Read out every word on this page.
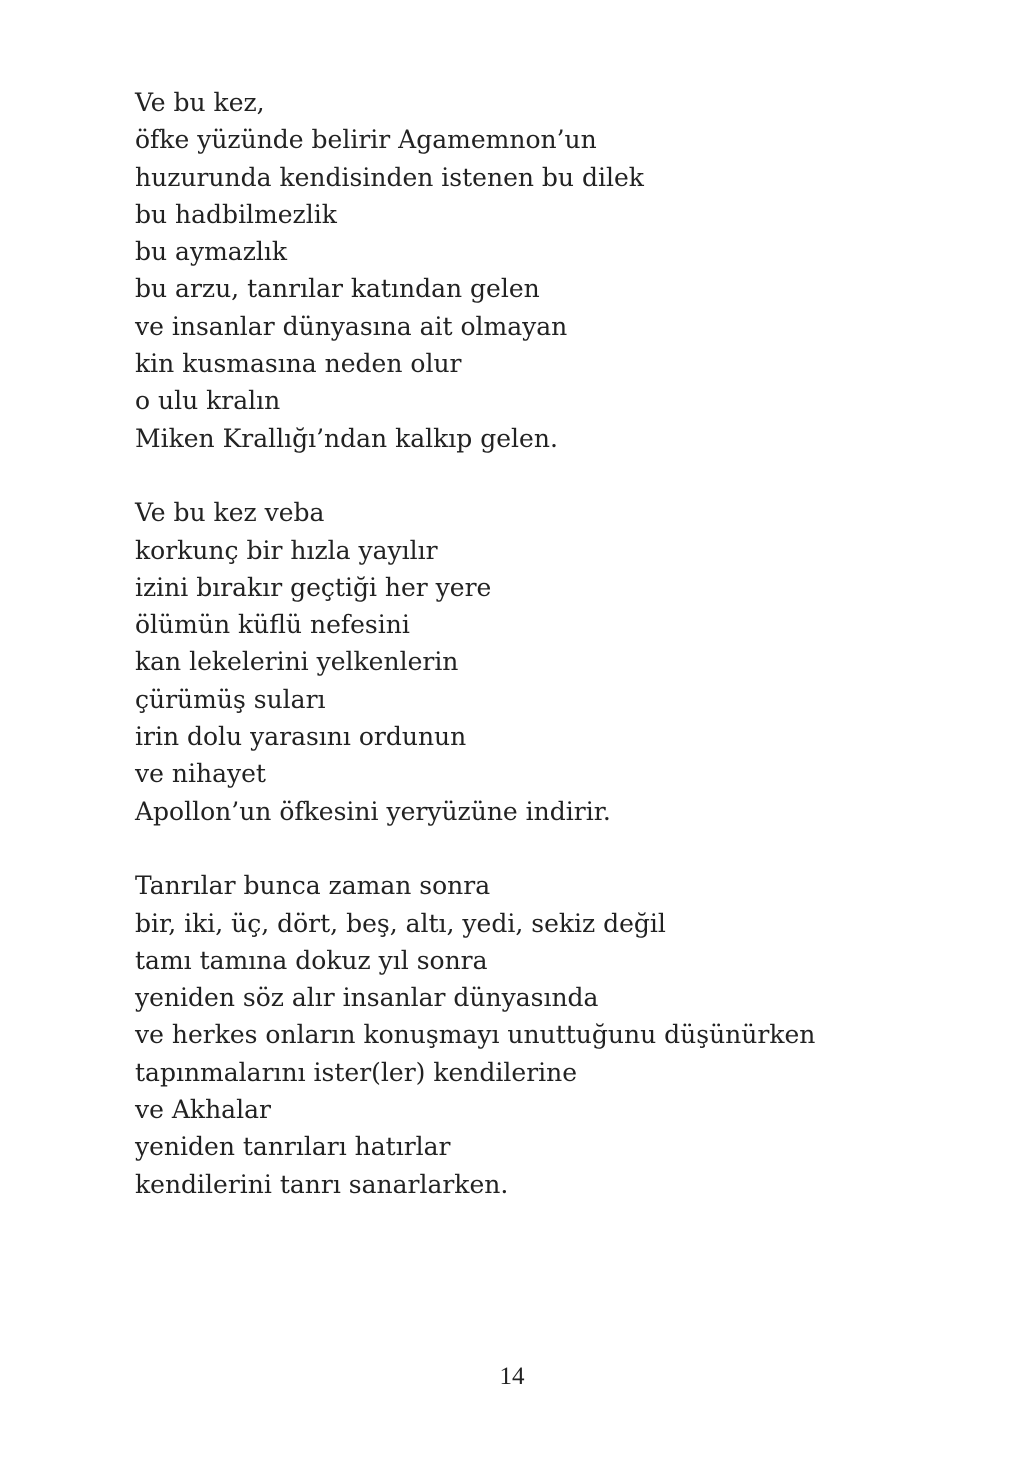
Ve bu kez,
öfke yüzünde belirir Agamemnon’un
huzurunda kendisinden istenen bu dilek
bu hadbilmezlik
bu aymazlık
bu arzu, tanrılar katından gelen
ve insanlar dünyasına ait olmayan
kin kusmasına neden olur
o ulu kralın
Miken Krallığı’ndan kalkıp gelen.
Ve bu kez veba
korkunç bir hızla yayılır
izini bırakır geçtiği her yere
ölümün küflü nefesini
kan lekelerini yelkenlerin
çürümüş suları
irin dolu yarasını ordunun
ve nihayet
Apollon’un öfkesini yeryüzüne indirir.
Tanrılar bunca zaman sonra
bir, iki, üç, dört, beş, altı, yedi, sekiz değil
tamı tamına dokuz yıl sonra
yeniden söz alır insanlar dünyasında
ve herkes onların konuşmayı unuttuğunu düşünürken
tapınmalarını ister(ler) kendilerine
ve Akhalar
yeniden tanrıları hatırlar
kendilerini tanrı sanarlarken.
14
